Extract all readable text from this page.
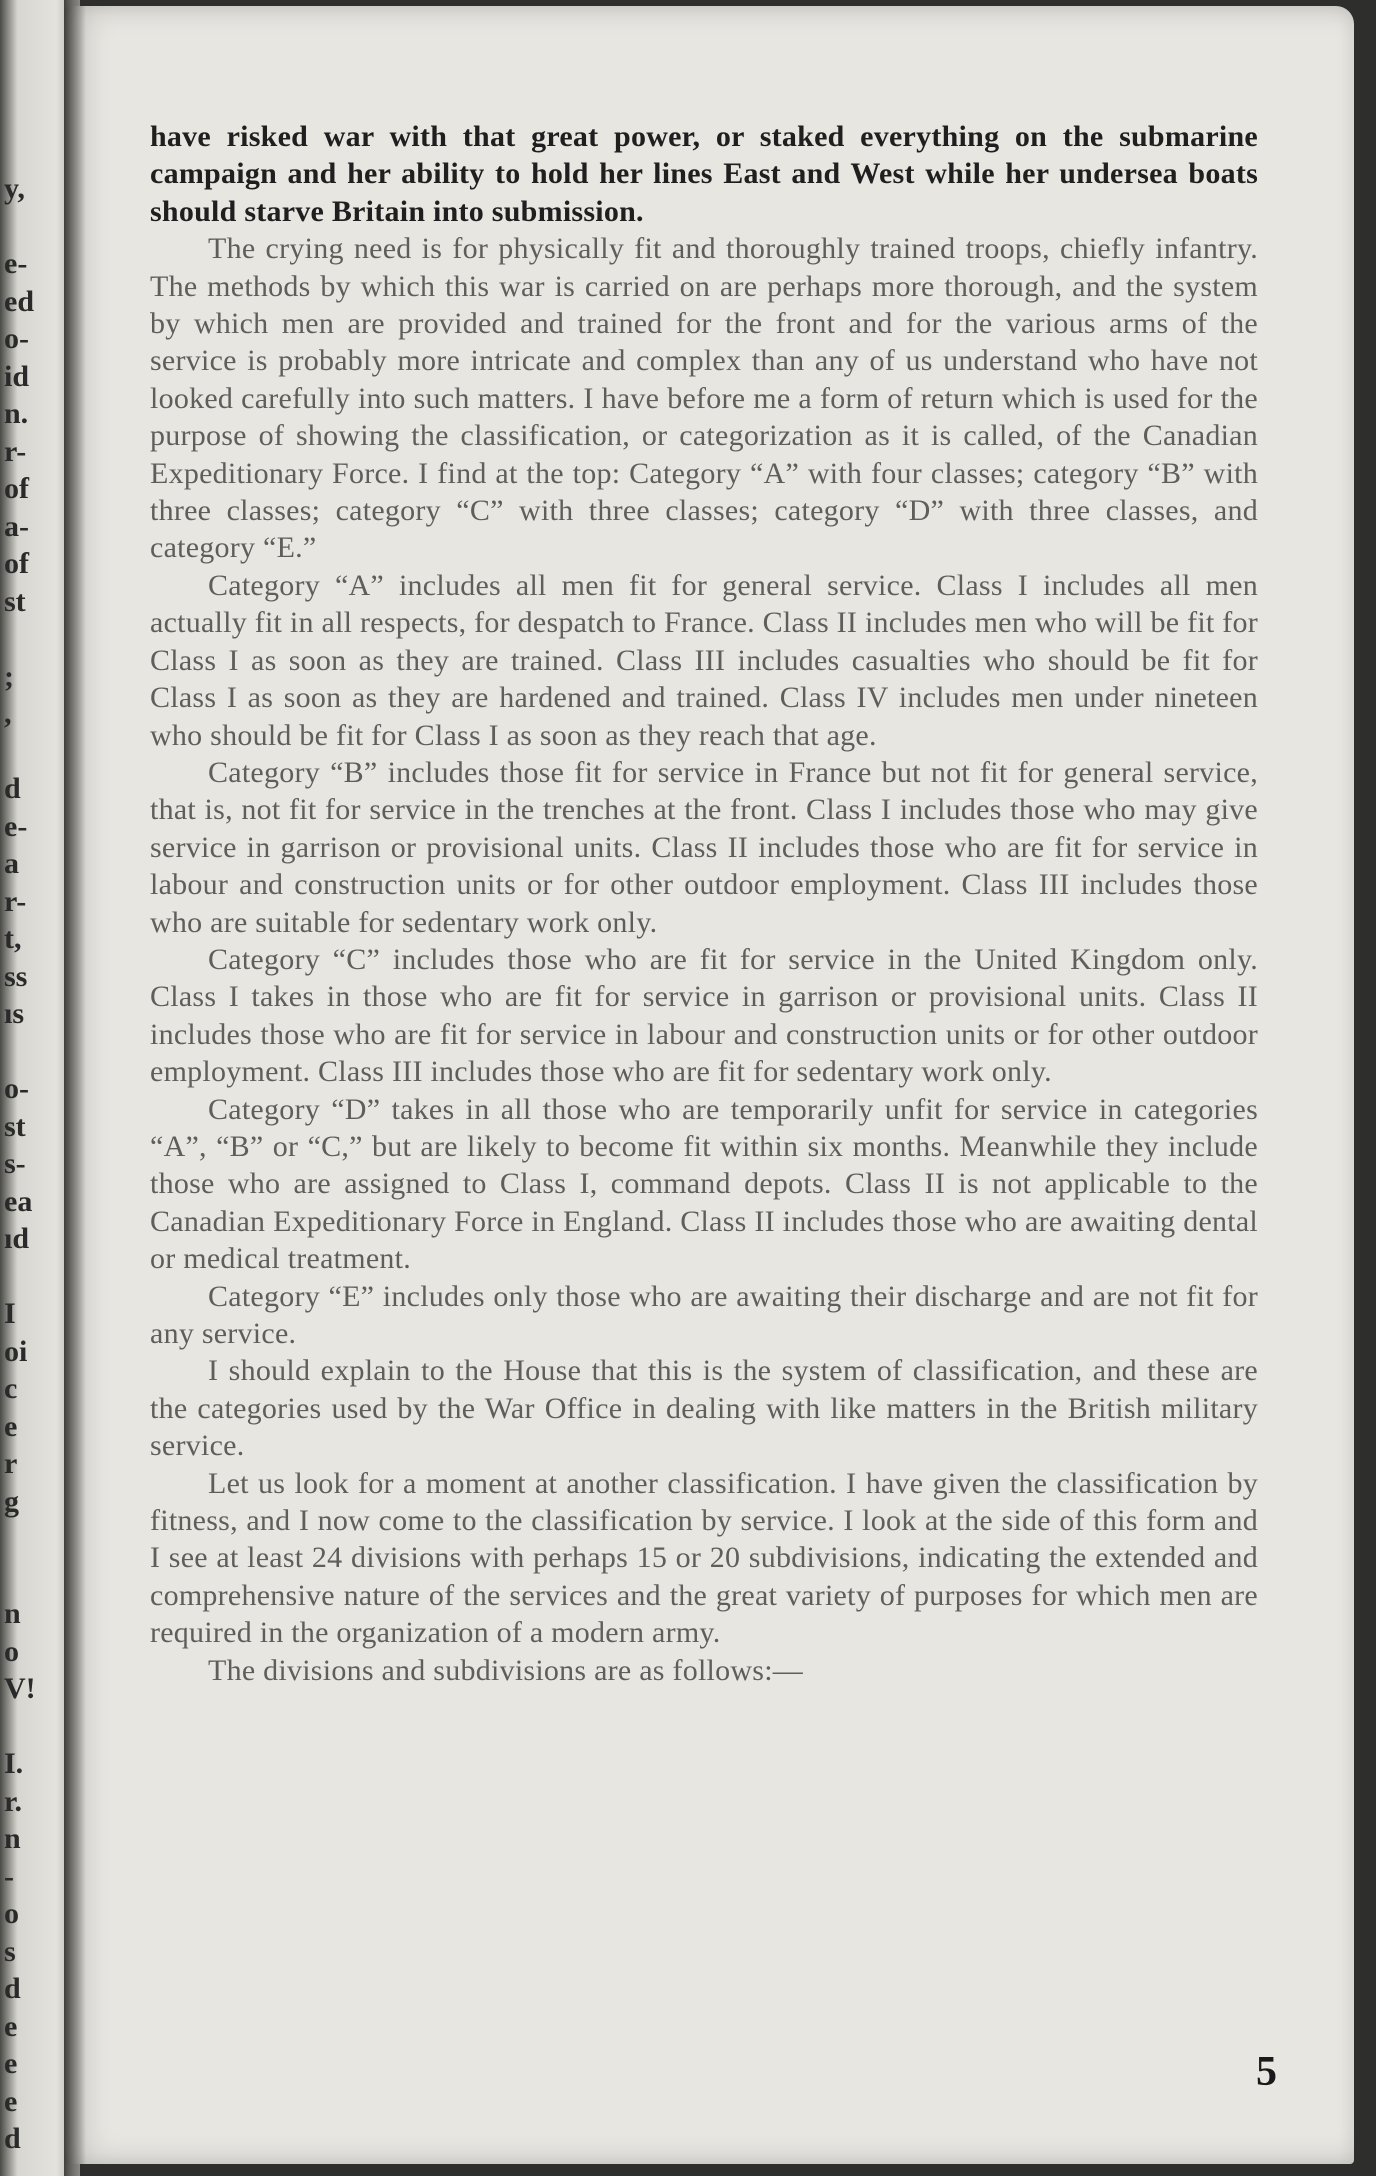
y,
e-
ed
o-
id
n.
r-
of
a-
of
st
;
,
d
e-
a
r-
t,
ss
ıs
o-
st
s-
ea
ıd
I
oi
c
e
r
g
n
o
V!
I.
r.
n
-
o
s
d
e
e
e
d

have risked war with that great power, or staked everything on the submarine campaign and her ability to hold her lines East and West while her undersea boats should starve Britain into submission.

The crying need is for physically fit and thoroughly trained troops, chiefly infantry. The methods by which this war is carried on are perhaps more thorough, and the system by which men are provided and trained for the front and for the various arms of the service is probably more intricate and complex than any of us understand who have not looked carefully into such matters. I have before me a form of return which is used for the purpose of showing the classification, or categorization as it is called, of the Canadian Expeditionary Force. I find at the top: Category “A” with four classes; category “B” with three classes; category “C” with three classes; category “D” with three classes, and category “E.”

Category “A” includes all men fit for general service. Class I includes all men actually fit in all respects, for despatch to France. Class II includes men who will be fit for Class I as soon as they are trained. Class III includes casualties who should be fit for Class I as soon as they are hardened and trained. Class IV includes men under nineteen who should be fit for Class I as soon as they reach that age.

Category “B” includes those fit for service in France but not fit for general service, that is, not fit for service in the trenches at the front. Class I includes those who may give service in garrison or provisional units. Class II includes those who are fit for service in labour and construction units or for other outdoor employment. Class III includes those who are suitable for sedentary work only.

Category “C” includes those who are fit for service in the United Kingdom only. Class I takes in those who are fit for service in garrison or provisional units. Class II includes those who are fit for service in labour and construction units or for other outdoor employment. Class III includes those who are fit for sedentary work only.

Category “D” takes in all those who are temporarily unfit for service in categories “A”, “B” or “C,” but are likely to become fit within six months. Meanwhile they include those who are assigned to Class I, command depots. Class II is not applicable to the Canadian Expeditionary Force in England. Class II includes those who are awaiting dental or medical treatment.

Category “E” includes only those who are awaiting their discharge and are not fit for any service.

I should explain to the House that this is the system of classification, and these are the categories used by the War Office in dealing with like matters in the British military service.

Let us look for a moment at another classification. I have given the classification by fitness, and I now come to the classification by service. I look at the side of this form and I see at least 24 divisions with perhaps 15 or 20 subdivisions, indicating the extended and comprehensive nature of the services and the great variety of purposes for which men are required in the organization of a modern army.

The divisions and subdivisions are as follows:—

5
